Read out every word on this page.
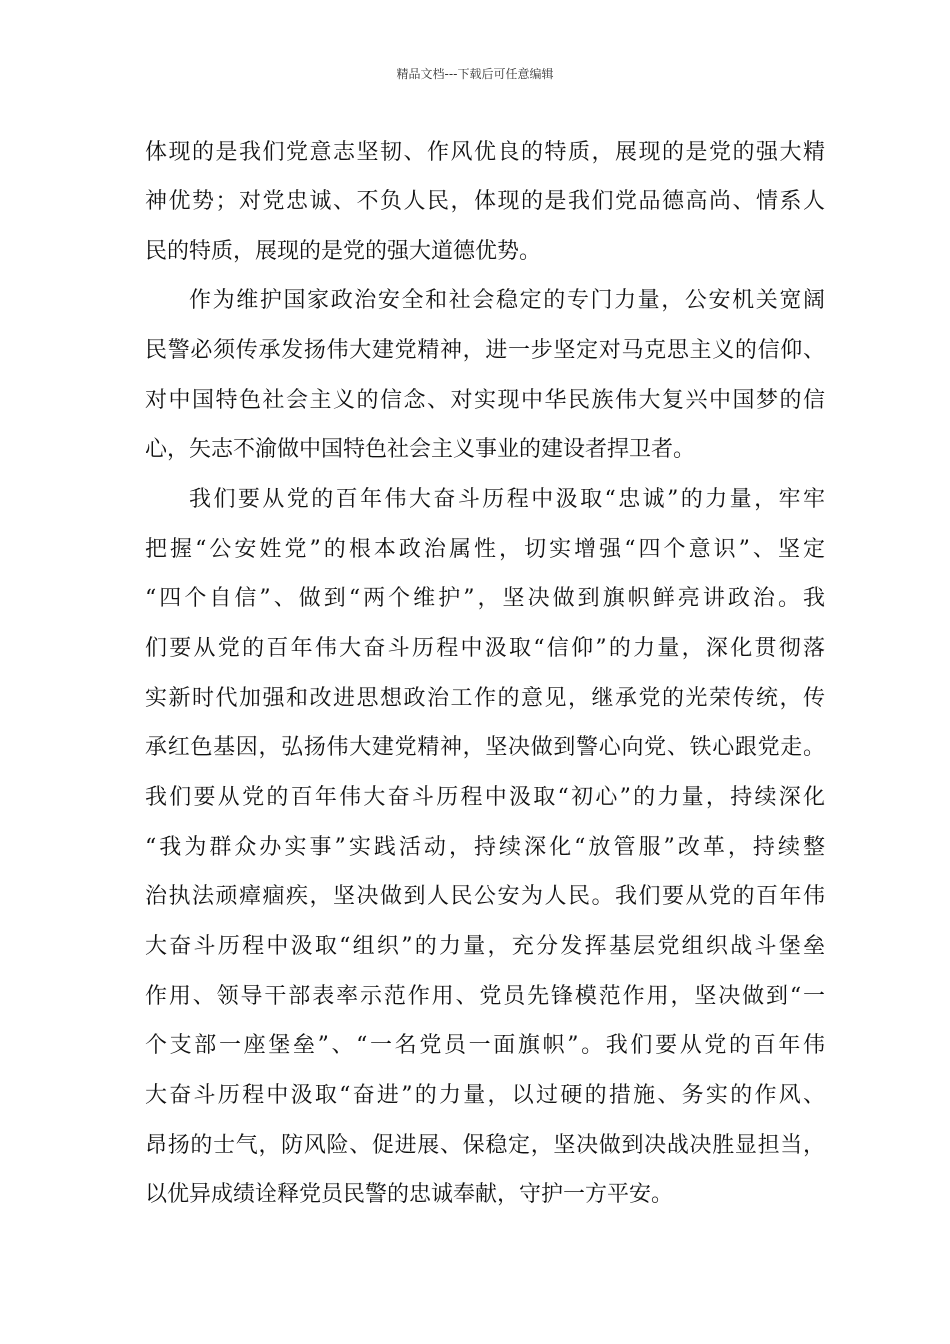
精品文档---下载后可任意编辑
体现的是我们党意志坚韧、作风优良的特质，展现的是党的强大精
神优势；对党忠诚、不负人民，体现的是我们党品德高尚、情系人
民的特质，展现的是党的强大道德优势。
作为维护国家政治安全和社会稳定的专门力量，公安机关宽阔
民警必须传承发扬伟大建党精神，进一步坚定对马克思主义的信仰、
对中国特色社会主义的信念、对实现中华民族伟大复兴中国梦的信
心，矢志不渝做中国特色社会主义事业的建设者捍卫者。
我们要从党的百年伟大奋斗历程中汲取“忠诚”的力量，牢牢
把握“公安姓党”的根本政治属性，切实增强“四个意识”、坚定
“四个自信”、做到“两个维护”，坚决做到旗帜鲜亮讲政治。我
们要从党的百年伟大奋斗历程中汲取“信仰”的力量，深化贯彻落
实新时代加强和改进思想政治工作的意见，继承党的光荣传统，传
承红色基因，弘扬伟大建党精神，坚决做到警心向党、铁心跟党走。
我们要从党的百年伟大奋斗历程中汲取“初心”的力量，持续深化
“我为群众办实事”实践活动，持续深化“放管服”改革，持续整
治执法顽瘴痼疾，坚决做到人民公安为人民。我们要从党的百年伟
大奋斗历程中汲取“组织”的力量，充分发挥基层党组织战斗堡垒
作用、领导干部表率示范作用、党员先锋模范作用，坚决做到“一
个支部一座堡垒”、“一名党员一面旗帜”。我们要从党的百年伟
大奋斗历程中汲取“奋进”的力量，以过硬的措施、务实的作风、
昂扬的士气，防风险、促进展、保稳定，坚决做到决战决胜显担当，
以优异成绩诠释党员民警的忠诚奉献，守护一方平安。
